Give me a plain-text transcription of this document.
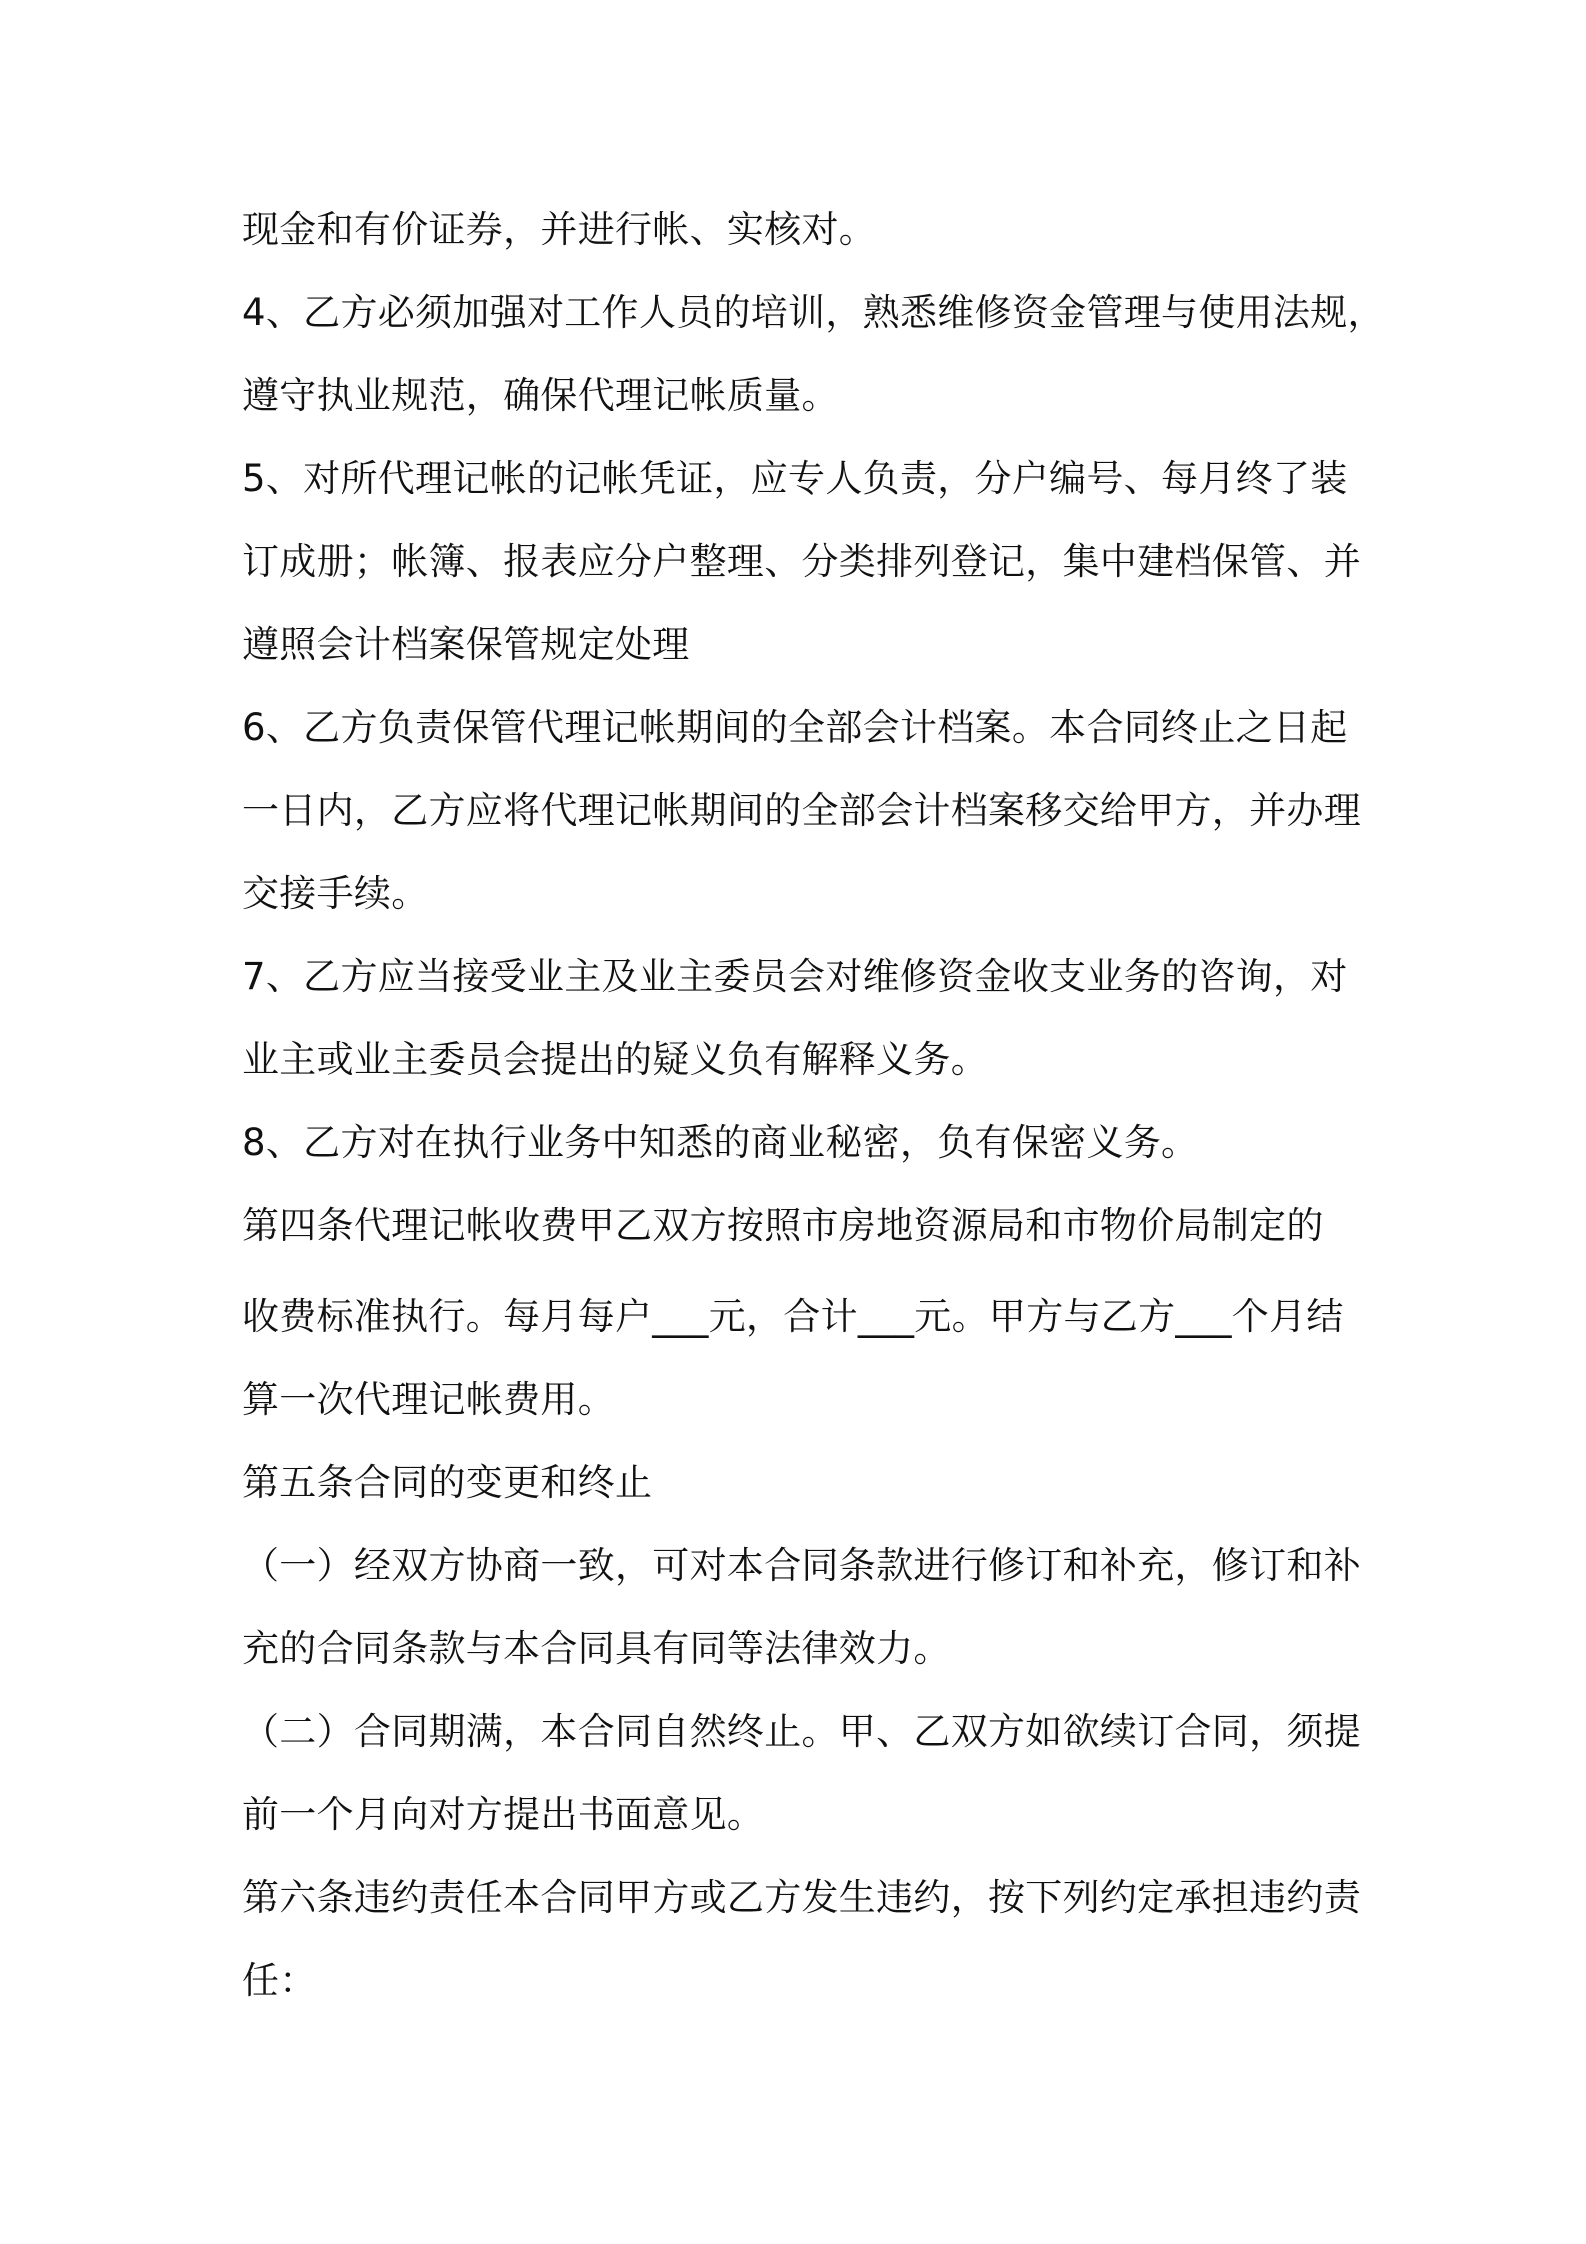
现金和有价证券，并进行帐、实核对。
4、乙方必须加强对工作人员的培训，熟悉维修资金管理与使用法规，
遵守执业规范，确保代理记帐质量。
5、对所代理记帐的记帐凭证，应专人负责，分户编号、每月终了装
订成册；帐簿、报表应分户整理、分类排列登记，集中建档保管、并
遵照会计档案保管规定处理
6、乙方负责保管代理记帐期间的全部会计档案。本合同终止之日起
一日内，乙方应将代理记帐期间的全部会计档案移交给甲方，并办理
交接手续。
7、乙方应当接受业主及业主委员会对维修资金收支业务的咨询，对
业主或业主委员会提出的疑义负有解释义务。
8、乙方对在执行业务中知悉的商业秘密，负有保密义务。
第四条代理记帐收费甲乙双方按照市房地资源局和市物价局制定的
收费标准执行。每月每户___元，合计___元。甲方与乙方___个月结
算一次代理记帐费用。
第五条合同的变更和终止
（一）经双方协商一致，可对本合同条款进行修订和补充，修订和补
充的合同条款与本合同具有同等法律效力。
（二）合同期满，本合同自然终止。甲、乙双方如欲续订合同，须提
前一个月向对方提出书面意见。
第六条违约责任本合同甲方或乙方发生违约，按下列约定承担违约责
任：
